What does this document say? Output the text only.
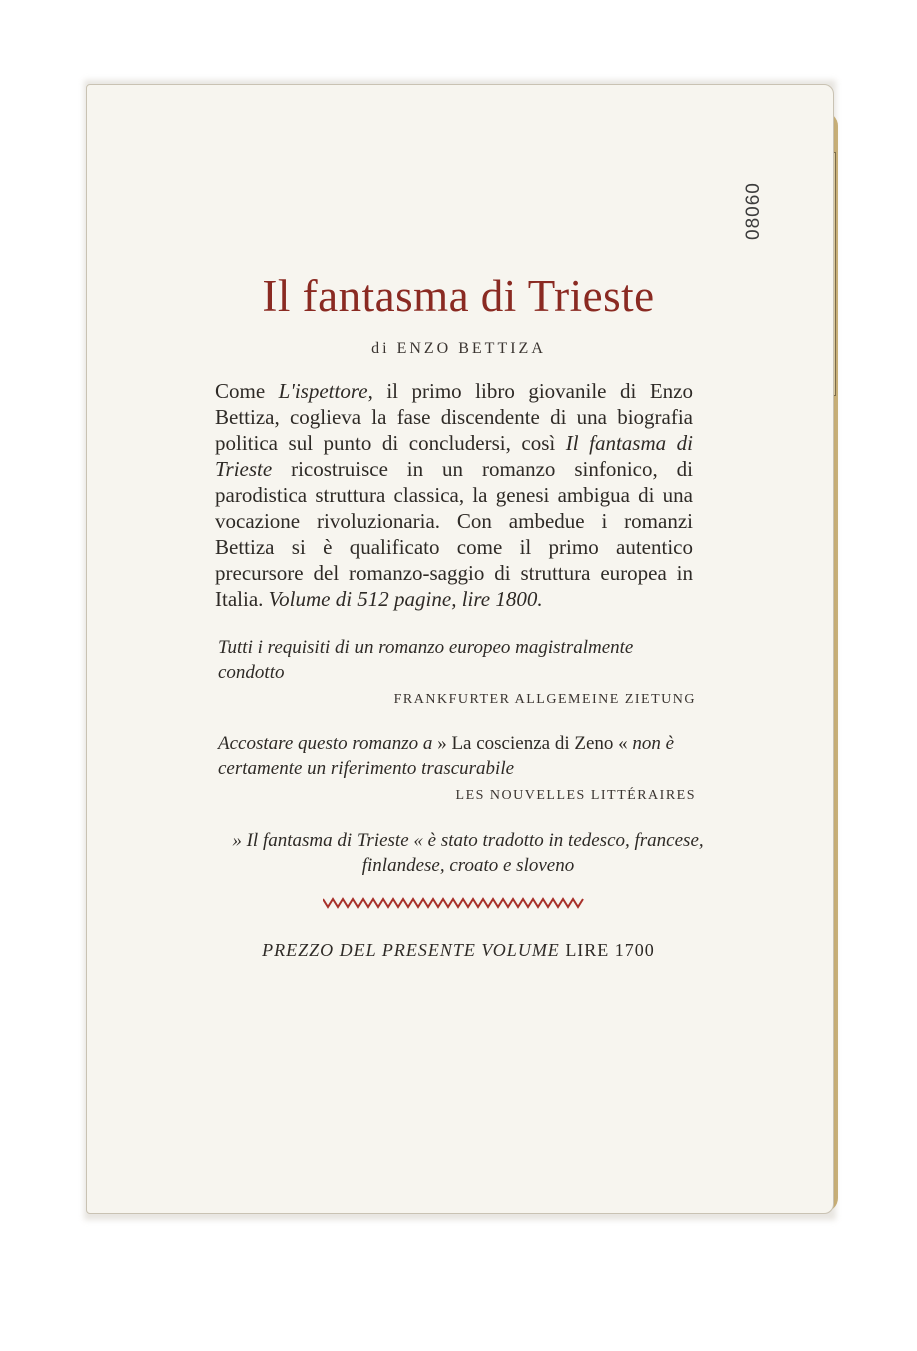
08060
Il fantasma di Trieste
di ENZO BETTIZA
Come L'ispettore, il primo libro giovanile di Enzo Bettiza, coglieva la fase discendente di una biografia politica sul punto di concludersi, così Il fantasma di Trieste ricostruisce in un romanzo sinfonico, di parodistica struttura classica, la genesi ambigua di una vocazione rivoluzionaria. Con ambedue i romanzi Bettiza si è qualificato come il primo autentico precursore del romanzo-saggio di struttura europea in Italia. Volume di 512 pagine, lire 1800.
Tutti i requisiti di un romanzo europeo magistralmente condotto
FRANKFURTER ALLGEMEINE ZIETUNG
Accostare questo romanzo a » La coscienza di Zeno « non è certamente un riferimento trascurabile
LES NOUVELLES LITTÉRAIRES
» Il fantasma di Trieste « è stato tradotto in tedesco, francese, finlandese, croato e sloveno
PREZZO DEL PRESENTE VOLUME LIRE 1700
